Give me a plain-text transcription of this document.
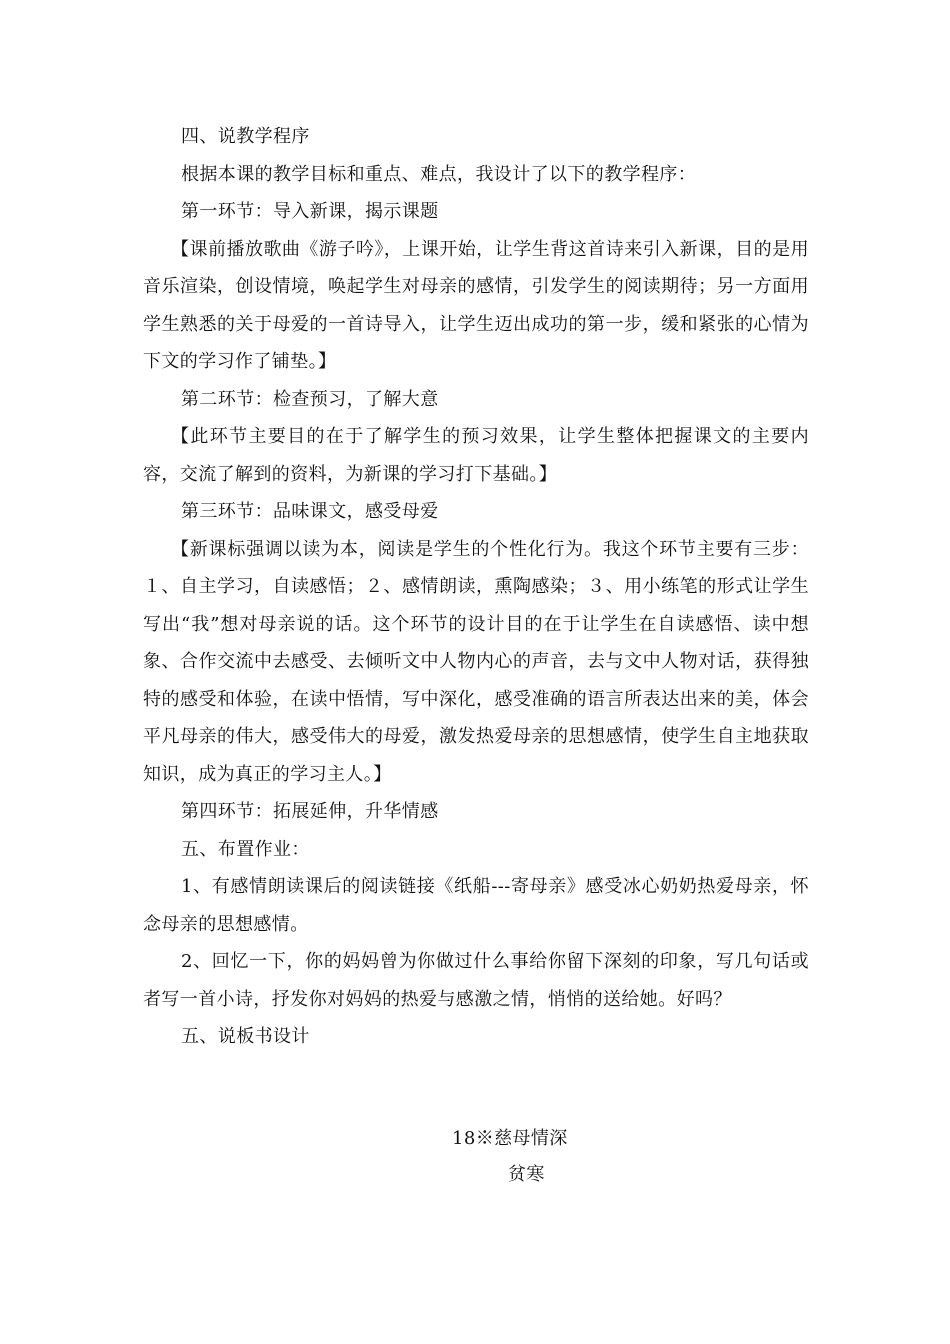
四、说教学程序

根据本课的教学目标和重点、难点，我设计了以下的教学程序：

第一环节：导入新课，揭示课题

【课前播放歌曲《游子吟》，上课开始，让学生背这首诗来引入新课，目的是用音乐渲染，创设情境，唤起学生对母亲的感情，引发学生的阅读期待；另一方面用学生熟悉的关于母爱的一首诗导入，让学生迈出成功的第一步，缓和紧张的心情为下文的学习作了铺垫。】

第二环节：检查预习，了解大意

【此环节主要目的在于了解学生的预习效果，让学生整体把握课文的主要内容，交流了解到的资料，为新课的学习打下基础。】

第三环节：品味课文，感受母爱

【新课标强调以读为本，阅读是学生的个性化行为。我这个环节主要有三步：１、自主学习，自读感悟；２、感情朗读，熏陶感染；３、用小练笔的形式让学生写出“我”想对母亲说的话。这个环节的设计目的在于让学生在自读感悟、读中想象、合作交流中去感受、去倾听文中人物内心的声音，去与文中人物对话，获得独特的感受和体验，在读中悟情，写中深化，感受准确的语言所表达出来的美，体会平凡母亲的伟大，感受伟大的母爱，激发热爱母亲的思想感情，使学生自主地获取知识，成为真正的学习主人。】

第四环节：拓展延伸，升华情感

五、布置作业：

1、有感情朗读课后的阅读链接《纸船---寄母亲》感受冰心奶奶热爱母亲，怀念母亲的思想感情。

2、回忆一下，你的妈妈曾为你做过什么事给你留下深刻的印象，写几句话或者写一首小诗，抒发你对妈妈的热爱与感激之情，悄悄的送给她。好吗？

五、说板书设计

18※慈母情深
贫寒
